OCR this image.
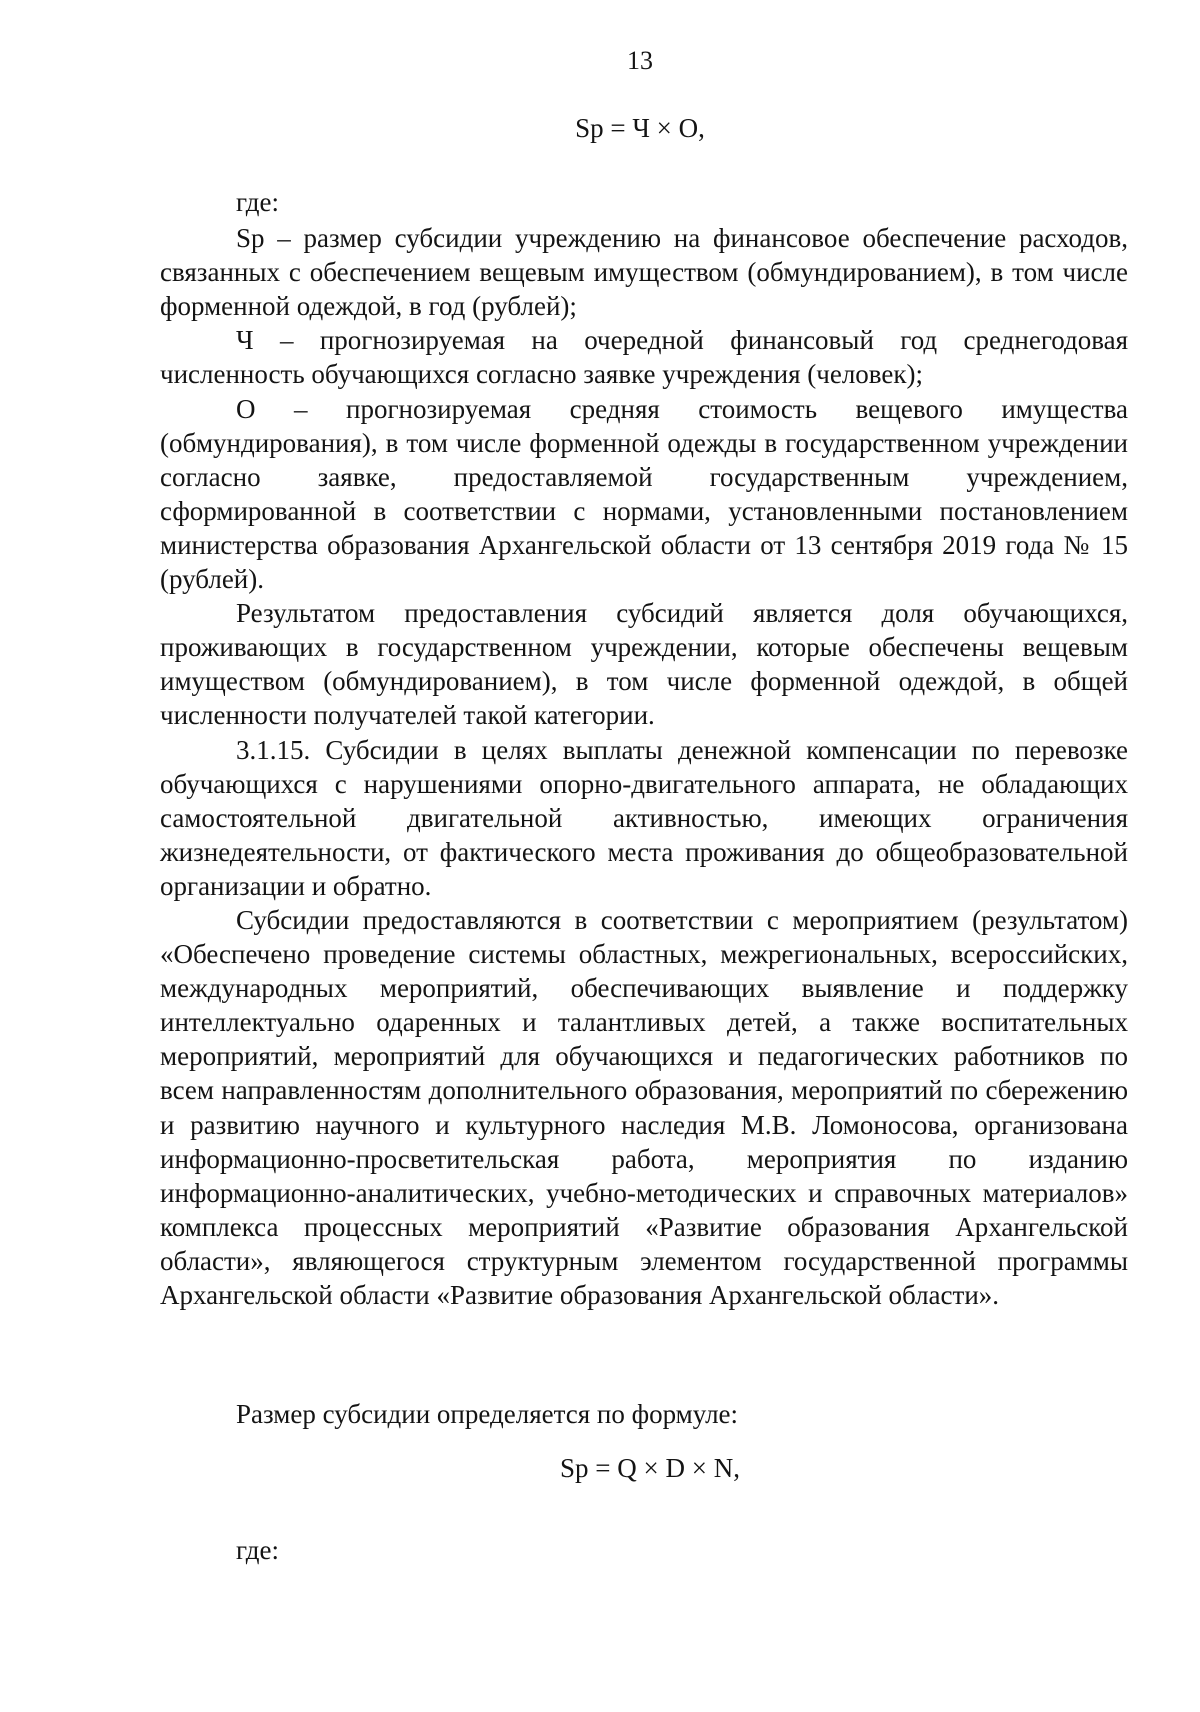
13
Sp = Ч × O,

где:

Sp – размер субсидии учреждению на финансовое обеспечение расходов, связанных с обеспечением вещевым имуществом (обмундированием), в том числе форменной одеждой, в год (рублей);

Ч – прогнозируемая на очередной финансовый год среднегодовая численность обучающихся согласно заявке учреждения (человек);

О – прогнозируемая средняя стоимость вещевого имущества (обмундирования), в том числе форменной одежды в государственном учреждении согласно заявке, предоставляемой государственным учреждением, сформированной в соответствии с нормами, установленными постановлением министерства образования Архангельской области от 13 сентября 2019 года № 15 (рублей).

Результатом предоставления субсидий является доля обучающихся, проживающих в государственном учреждении, которые обеспечены вещевым имуществом (обмундированием), в том числе форменной одеждой, в общей численности получателей такой категории.

3.1.15. Субсидии в целях выплаты денежной компенсации по перевозке обучающихся с нарушениями опорно-двигательного аппарата, не обладающих самостоятельной двигательной активностью, имеющих ограничения жизнедеятельности, от фактического места проживания до общеобразовательной организации и обратно.

Субсидии предоставляются в соответствии с мероприятием (результатом) «Обеспечено проведение системы областных, межрегиональных, всероссийских, международных мероприятий, обеспечивающих выявление и поддержку интеллектуально одаренных и талантливых детей, а также воспитательных мероприятий, мероприятий для обучающихся и педагогических работников по всем направленностям дополнительного образования, мероприятий по сбережению и развитию научного и культурного наследия М.В. Ломоносова, организована информационно-просветительская работа, мероприятия по изданию информационно-аналитических, учебно-методических и справочных материалов» комплекса процессных мероприятий «Развитие образования Архангельской области», являющегося структурным элементом государственной программы Архангельской области «Развитие образования Архангельской области».

Размер субсидии определяется по формуле:

Sp = Q × D × N,

где:
